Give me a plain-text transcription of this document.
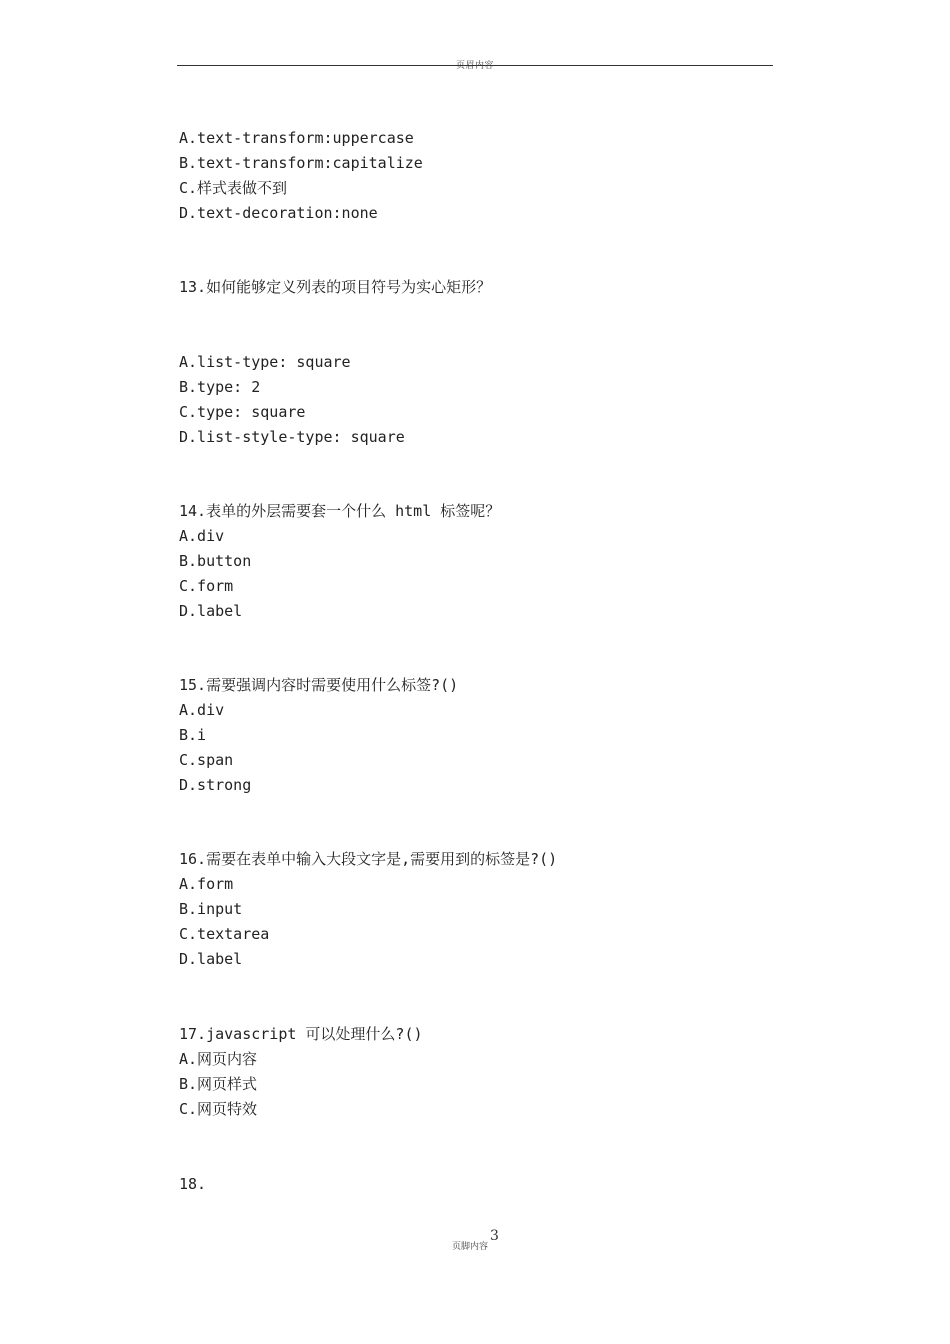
页眉内容
A.text-transform:uppercase
B.text-transform:capitalize
C.样式表做不到
D.text-decoration:none
13.如何能够定义列表的项目符号为实心矩形？
A.list-type: square
B.type: 2
C.type: square
D.list-style-type: square
14.表单的外层需要套一个什么 html 标签呢？
A.div
B.button
C.form
D.label
15.需要强调内容时需要使用什么标签?()
A.div
B.i
C.span
D.strong
16.需要在表单中输入大段文字是,需要用到的标签是?()
A.form
B.input
C.textarea
D.label
17.javascript 可以处理什么?()
A.网页内容
B.网页样式
C.网页特效
18.
页脚内容
3
